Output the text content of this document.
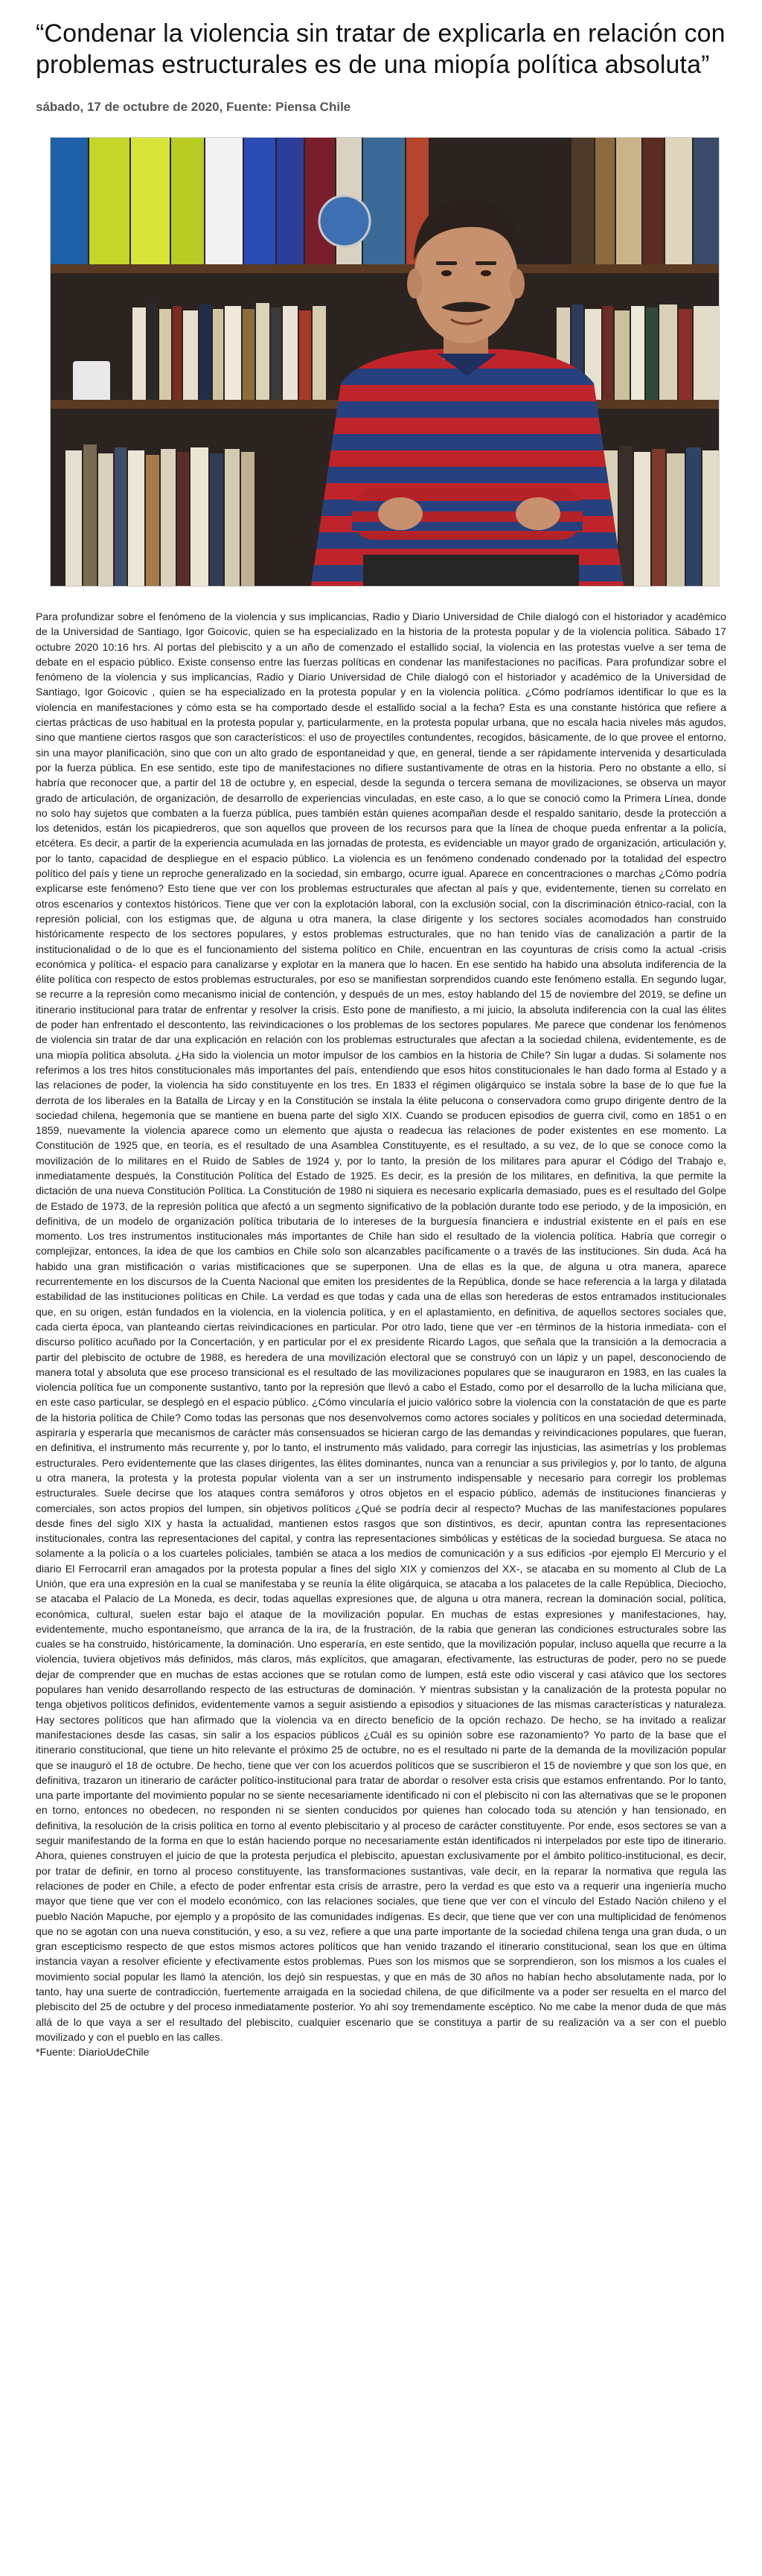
“Condenar la violencia sin tratar de explicarla en relación con problemas estructurales es de una miopía política absoluta”
sábado, 17 de octubre de 2020, Fuente: Piensa Chile

Para profundizar sobre el fenómeno de la violencia y sus implicancias, Radio y Diario Universidad de Chile dialogó con el historiador y académico de la Universidad de Santiago, Igor Goicovic, quien se ha especializado en la historia de la protesta popular y de la violencia política. Sábado 17 octubre 2020 10:16 hrs. Al portas del plebiscito y a un año de comenzado el estallido social, la violencia en las protestas vuelve a ser tema de debate en el espacio público. Existe consenso entre las fuerzas políticas en condenar las manifestaciones no pacíficas. Para profundizar sobre el fenómeno de la violencia y sus implicancias, Radio y Diario Universidad de Chile dialogó con el historiador y académico de la Universidad de Santiago, Igor Goicovic , quien se ha especializado en la protesta popular y en la violencia política. ¿Cómo podríamos identificar lo que es la violencia en manifestaciones y cómo esta se ha comportado desde el estallido social a la fecha? Esta es una constante histórica que refiere a ciertas prácticas de uso habitual en la protesta popular y, particularmente, en la protesta popular urbana, que no escala hacia niveles más agudos, sino que mantiene ciertos rasgos que son característicos: el uso de proyectiles contundentes, recogidos, básicamente, de lo que provee el entorno, sin una mayor planificación, sino que con un alto grado de espontaneidad y que, en general, tiende a ser rápidamente intervenida y desarticulada por la fuerza pública. En ese sentido, este tipo de manifestaciones no difiere sustantivamente de otras en la historia. Pero no obstante a ello, sí habría que reconocer que, a partir del 18 de octubre y, en especial, desde la segunda o tercera semana de movilizaciones, se observa un mayor grado de articulación, de organización, de desarrollo de experiencias vinculadas, en este caso, a lo que se conoció como la Primera Línea, donde no solo hay sujetos que combaten a la fuerza pública, pues también están quienes acompañan desde el respaldo sanitario, desde la protección a los detenidos, están los picapiedreros, que son aquellos que proveen de los recursos para que la línea de choque pueda enfrentar a la policía, etcétera. Es decir, a partir de la experiencia acumulada en las jornadas de protesta, es evidenciable un mayor grado de organización, articulación y, por lo tanto, capacidad de despliegue en el espacio público. La violencia es un fenómeno condenado condenado por la totalidad del espectro político del país y tiene un reproche generalizado en la sociedad, sin embargo, ocurre igual. Aparece en concentraciones o marchas ¿Cómo podría explicarse este fenómeno? Esto tiene que ver con los problemas estructurales que afectan al país y que, evidentemente, tienen su correlato en otros escenarios y contextos históricos. Tiene que ver con la explotación laboral, con la exclusión social, con la discriminación étnico-racial, con la represión policial, con los estigmas que, de alguna u otra manera, la clase dirigente y los sectores sociales acomodados han construido históricamente respecto de los sectores populares, y estos problemas estructurales, que no han tenido vías de canalización a partir de la institucionalidad o de lo que es el funcionamiento del sistema político en Chile, encuentran en las coyunturas de crisis como la actual -crisis económica y política- el espacio para canalizarse y explotar en la manera que lo hacen. En ese sentido ha habido una absoluta indiferencia de la élite política con respecto de estos problemas estructurales, por eso se manifiestan sorprendidos cuando este fenómeno estalla. En segundo lugar, se recurre a la represión como mecanismo inicial de contención, y después de un mes, estoy hablando del 15 de noviembre del 2019, se define un itinerario institucional para tratar de enfrentar y resolver la crisis. Esto pone de manifiesto, a mi juicio, la absoluta indiferencia con la cual las élites de poder han enfrentado el descontento, las reivindicaciones o los problemas de los sectores populares. Me parece que condenar los fenómenos de violencia sin tratar de dar una explicación en relación con los problemas estructurales que afectan a la sociedad chilena, evidentemente, es de una miopía política absoluta. ¿Ha sido la violencia un motor impulsor de los cambios en la historia de Chile? Sin lugar a dudas. Si solamente nos referimos a los tres hitos constitucionales más importantes del país, entendiendo que esos hitos constitucionales le han dado forma al Estado y a las relaciones de poder, la violencia ha sido constituyente en los tres. En 1833 el régimen oligárquico se instala sobre la base de lo que fue la derrota de los liberales en la Batalla de Lircay y en la Constitución se instala la élite pelucona o conservadora como grupo dirigente dentro de la sociedad chilena, hegemonía que se mantiene en buena parte del siglo XIX. Cuando se producen episodios de guerra civil, como en 1851 o en 1859, nuevamente la violencia aparece como un elemento que ajusta o readecua las relaciones de poder existentes en ese momento. La Constitución de 1925 que, en teoría, es el resultado de una Asamblea Constituyente, es el resultado, a su vez, de lo que se conoce como la movilización de lo militares en el Ruido de Sables de 1924 y, por lo tanto, la presión de los militares para apurar el Código del Trabajo e, inmediatamente después, la Constitución Política del Estado de 1925. Es decir, es la presión de los militares, en definitiva, la que permite la dictación de una nueva Constitución Política. La Constitución de 1980 ni siquiera es necesario explicarla demasiado, pues es el resultado del Golpe de Estado de 1973, de la represión política que afectó a un segmento significativo de la población durante todo ese periodo, y de la imposición, en definitiva, de un modelo de organización política tributaria de lo intereses de la burguesía financiera e industrial existente en el país en ese momento. Los tres instrumentos institucionales más importantes de Chile han sido el resultado de la violencia política. Habría que corregir o complejizar, entonces, la idea de que los cambios en Chile solo son alcanzables pacíficamente o a través de las instituciones. Sin duda. Acá ha habido una gran mistificación o varias mistificaciones que se superponen. Una de ellas es la que, de alguna u otra manera, aparece recurrentemente en los discursos de la Cuenta Nacional que emiten los presidentes de la República, donde se hace referencia a la larga y dilatada estabilidad de las instituciones políticas en Chile. La verdad es que todas y cada una de ellas son herederas de estos entramados institucionales que, en su origen, están fundados en la violencia, en la violencia política, y en el aplastamiento, en definitiva, de aquellos sectores sociales que, cada cierta época, van planteando ciertas reivindicaciones en particular. Por otro lado, tiene que ver -en términos de la historia inmediata- con el discurso político acuñado por la Concertación, y en particular por el ex presidente Ricardo Lagos, que señala que la transición a la democracia a partir del plebiscito de octubre de 1988, es heredera de una movilización electoral que se construyó con un lápiz y un papel, desconociendo de manera total y absoluta que ese proceso transicional es el resultado de las movilizaciones populares que se inauguraron en 1983, en las cuales la violencia política fue un componente sustantivo, tanto por la represión que llevó a cabo el Estado, como por el desarrollo de la lucha miliciana que, en este caso particular, se desplegó en el espacio público. ¿Cómo vincularía el juicio valórico sobre la violencia con la constatación de que es parte de la historia política de Chile? Como todas las personas que nos desenvolvemos como actores sociales y políticos en una sociedad determinada, aspiraría y esperaría que mecanismos de carácter más consensuados se hicieran cargo de las demandas y reivindicaciones populares, que fueran, en definitiva, el instrumento más recurrente y, por lo tanto, el instrumento más validado, para corregir las injusticias, las asimetrías y los problemas estructurales. Pero evidentemente que las clases dirigentes, las élites dominantes, nunca van a renunciar a sus privilegios y, por lo tanto, de alguna u otra manera, la protesta y la protesta popular violenta van a ser un instrumento indispensable y necesario para corregir los problemas estructurales. Suele decirse que los ataques contra semáforos y otros objetos en el espacio público, además de instituciones financieras y comerciales, son actos propios del lumpen, sin objetivos políticos ¿Qué se podría decir al respecto? Muchas de las manifestaciones populares desde fines del siglo XIX y hasta la actualidad, mantienen estos rasgos que son distintivos, es decir, apuntan contra las representaciones institucionales, contra las representaciones del capital, y contra las representaciones simbólicas y estéticas de la sociedad burguesa. Se ataca no solamente a la policía o a los cuarteles policiales, también se ataca a los medios de comunicación y a sus edificios -por ejemplo El Mercurio y el diario El Ferrocarril eran amagados por la protesta popular a fines del siglo XIX y comienzos del XX-, se atacaba en su momento al Club de La Unión, que era una expresión en la cual se manifestaba y se reunía la élite oligárquica, se atacaba a los palacetes de la calle República, Dieciocho, se atacaba el Palacio de La Moneda, es decir, todas aquellas expresiones que, de alguna u otra manera, recrean la dominación social, política, económica, cultural, suelen estar bajo el ataque de la movilización popular. En muchas de estas expresiones y manifestaciones, hay, evidentemente, mucho espontaneísmo, que arranca de la ira, de la frustración, de la rabia que generan las condiciones estructurales sobre las cuales se ha construido, históricamente, la dominación. Uno esperaría, en este sentido, que la movilización popular, incluso aquella que recurre a la violencia, tuviera objetivos más definidos, más claros, más explícitos, que amagaran, efectivamente, las estructuras de poder, pero no se puede dejar de comprender que en muchas de estas acciones que se rotulan como de lumpen, está este odio visceral y casi atávico que los sectores populares han venido desarrollando respecto de las estructuras de dominación. Y mientras subsistan y la canalización de la protesta popular no tenga objetivos políticos definidos, evidentemente vamos a seguir asistiendo a episodios y situaciones de las mismas características y naturaleza. Hay sectores políticos que han afirmado que la violencia va en directo beneficio de la opción rechazo. De hecho, se ha invitado a realizar manifestaciones desde las casas, sin salir a los espacios públicos ¿Cuál es su opinión sobre ese razonamiento? Yo parto de la base que el itinerario constitucional, que tiene un hito relevante el próximo 25 de octubre, no es el resultado ni parte de la demanda de la movilización popular que se inauguró el 18 de octubre. De hecho, tiene que ver con los acuerdos políticos que se suscribieron el 15 de noviembre y que son los que, en definitiva, trazaron un itinerario de carácter político-institucional para tratar de abordar o resolver esta crisis que estamos enfrentando. Por lo tanto, una parte importante del movimiento popular no se siente necesariamente identificado ni con el plebiscito ni con las alternativas que se le proponen en torno, entonces no obedecen, no responden ni se sienten conducidos por quienes han colocado toda su atención y han tensionado, en definitiva, la resolución de la crisis política en torno al evento plebiscitario y al proceso de carácter constituyente. Por ende, esos sectores se van a seguir manifestando de la forma en que lo están haciendo porque no necesariamente están identificados ni interpelados por este tipo de itinerario. Ahora, quienes construyen el juicio de que la protesta perjudica el plebiscito, apuestan exclusivamente por el ámbito político-institucional, es decir, por tratar de definir, en torno al proceso constituyente, las transformaciones sustantivas, vale decir, en la reparar la normativa que regula las relaciones de poder en Chile, a efecto de poder enfrentar esta crisis de arrastre, pero la verdad es que esto va a requerir una ingeniería mucho mayor que tiene que ver con el modelo económico, con las relaciones sociales, que tiene que ver con el vínculo del Estado Nación chileno y el pueblo Nación Mapuche, por ejemplo y a propósito de las comunidades indígenas. Es decir, que tiene que ver con una multiplicidad de fenómenos que no se agotan con una nueva constitución, y eso, a su vez, refiere a que una parte importante de la sociedad chilena tenga una gran duda, o un gran escepticismo respecto de que estos mismos actores políticos que han venido trazando el itinerario constitucional, sean los que en última instancia vayan a resolver eficiente y efectivamente estos problemas. Pues son los mismos que se sorprendieron, son los mismos a los cuales el movimiento social popular les llamó la atención, los dejó sin respuestas, y que en más de 30 años no habían hecho absolutamente nada, por lo tanto, hay una suerte de contradicción, fuertemente arraigada en la sociedad chilena, de que difícilmente va a poder ser resuelta en el marco del plebiscito del 25 de octubre y del proceso inmediatamente posterior. Yo ahí soy tremendamente escéptico. No me cabe la menor duda de que más allá de lo que vaya a ser el resultado del plebiscito, cualquier escenario que se constituya a partir de su realización va a ser con el pueblo movilizado y con el pueblo en las calles.

*Fuente: DiarioUdeChile
